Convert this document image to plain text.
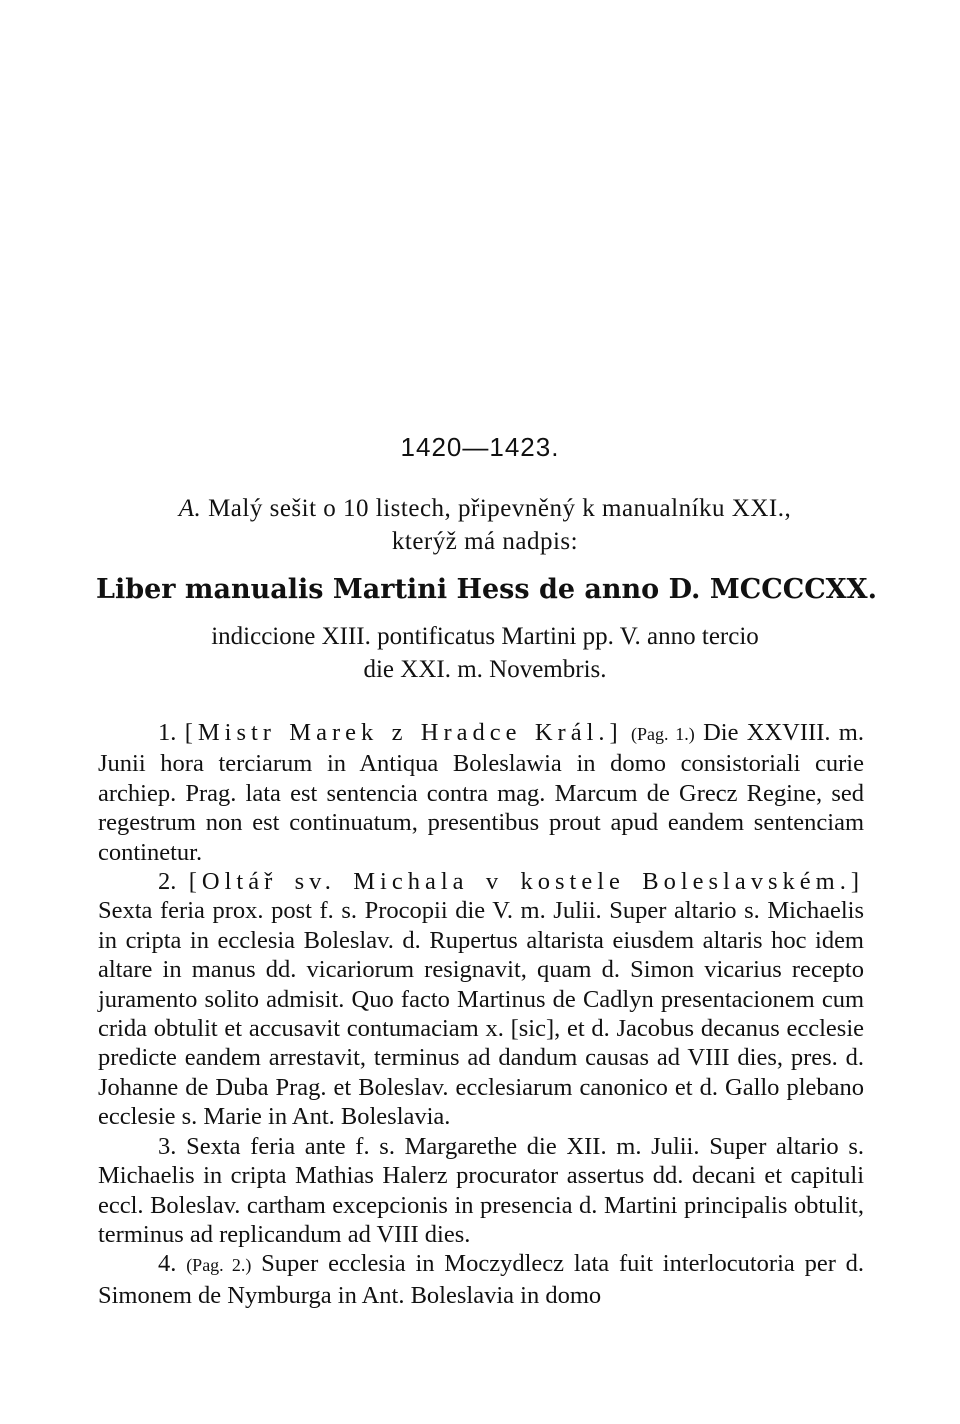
1420—1423.
A. Malý sešit o 10 listech, připevněný k manualníku XXI.,
kterýž má nadpis:
Liber manualis Martini Hess de anno D. MCCCCXX.
indiccione XIII. pontificatus Martini pp. V. anno tercio
die XXI. m. Novembris.

1. [Mistr Marek z Hradce Král.] (Pag. 1.) Die XXVIII. m. Junii hora terciarum in Antiqua Boleslawia in domo consistoriali curie archiep. Prag. lata est sentencia contra mag. Marcum de Grecz Regine, sed regestrum non est continuatum, presentibus prout apud eandem sentenciam continetur.

2. [Oltář sv. Michala v kostele Boleslavském.] Sexta feria prox. post f. s. Procopii die V. m. Julii. Super altario s. Michaelis in cripta in ecclesia Boleslav. d. Rupertus altarista eiusdem altaris hoc idem altare in manus dd. vicariorum resignavit, quam d. Simon vicarius recepto juramento solito admisit. Quo facto Martinus de Cadlyn presentacionem cum crida obtulit et accusavit contumaciam x. [sic], et d. Jacobus decanus ecclesie predicte eandem arrestavit, terminus ad dandum causas ad VIII dies, pres. d. Johanne de Duba Prag. et Boleslav. ecclesiarum canonico et d. Gallo plebano ecclesie s. Marie in Ant. Boleslavia.

3. Sexta feria ante f. s. Margarethe die XII. m. Julii. Super altario s. Michaelis in cripta Mathias Halerz procurator assertus dd. decani et capituli eccl. Boleslav. cartham excepcionis in presencia d. Martini principalis obtulit, terminus ad replicandum ad VIII dies.

4. (Pag. 2.) Super ecclesia in Moczydlecz lata fuit interlocutoria per d. Simonem de Nymburga in Ant. Boleslavia in domo
